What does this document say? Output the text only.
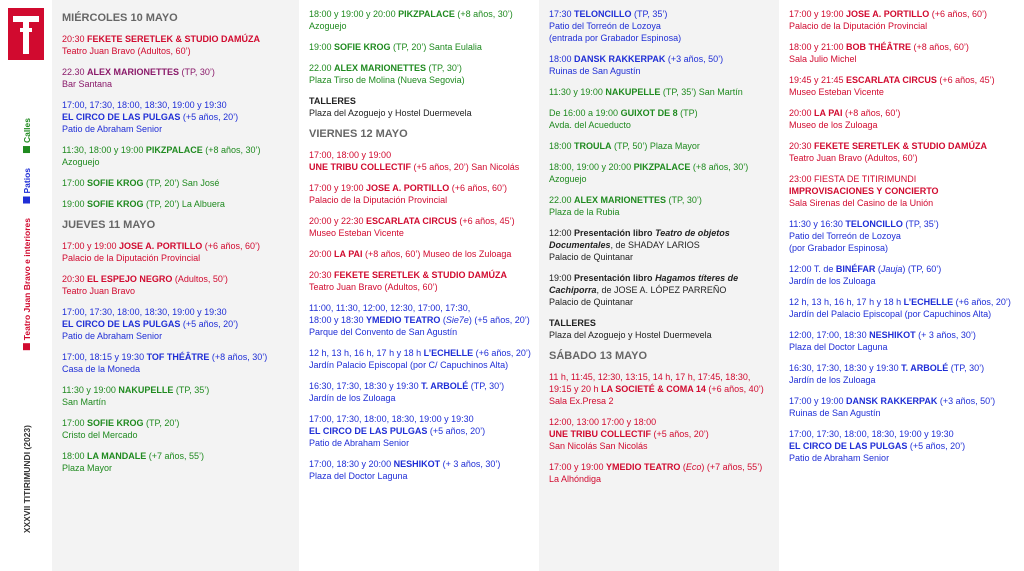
Calles
Patios
Teatro Juan Bravo e interiores
XXXVII TITIRIMUNDI (2023)
MIÉRCOLES 10 MAYO
20:30 FEKETE SERETLEK & STUDIO DAMÚZA
Teatro Juan Bravo (Adultos, 60’)
22.30 ALEX MARIONETTES (TP, 30’)
Bar Santana
17:00, 17:30, 18:00, 18:30, 19:00 y 19:30
EL CIRCO DE LAS PULGAS (+5 años, 20’)
Patio de Abraham Senior
11:30, 18:00 y 19:00 PIKZPALACE (+8 años, 30’)
Azoguejo
17:00 SOFIE KROG (TP, 20’) San José
19:00 SOFIE KROG (TP, 20’) La Albuera
JUEVES 11 MAYO
17:00 y 19:00 JOSE A. PORTILLO (+6 años, 60’)
Palacio de la Diputación Provincial
20:30 EL ESPEJO NEGRO (Adultos, 50’)
Teatro Juan Bravo
17:00, 17:30, 18:00, 18:30, 19:00 y 19:30
EL CIRCO DE LAS PULGAS (+5 años, 20’)
Patio de Abraham Senior
17:00, 18:15 y 19:30 TOF THÉÂTRE (+8 años, 30’)
Casa de la Moneda
11:30 y 19:00 NAKUPELLE (TP, 35’)
San Martín
17:00 SOFIE KROG (TP, 20’)
Cristo del Mercado
18:00 LA MANDALE (+7 años, 55’)
Plaza Mayor
18:00 y 19:00 y 20:00 PIKZPALACE (+8 años, 30’)
Azoguejo
19:00 SOFIE KROG (TP, 20’) Santa Eulalia
22.00 ALEX MARIONETTES (TP, 30’)
Plaza Tirso de Molina (Nueva Segovia)
TALLERES
Plaza del Azoguejo y Hostel Duermevela
VIERNES 12 MAYO
17:00, 18:00 y 19:00
UNE TRIBU COLLECTIF (+5 años, 20’) San Nicolás
17:00 y 19:00 JOSE A. PORTILLO (+6 años, 60’)
Palacio de la Diputación Provincial
20:00 y 22:30 ESCARLATA CIRCUS (+6 años, 45’)
Museo Esteban Vicente
20:00 LA PAI (+8 años, 60’) Museo de los Zuloaga
20:30 FEKETE SERETLEK & STUDIO DAMÚZA
Teatro Juan Bravo (Adultos, 60’)
11:00, 11:30, 12:00, 12:30, 17:00, 17:30,
18:00 y 18:30 YMEDIO TEATRO (Sie7e) (+5 años, 20’)
Parque del Convento de San Agustín
12 h, 13 h, 16 h, 17 h y 18 h L’ECHELLE (+6 años, 20’)
Jardín Palacio Episcopal (por C/ Capuchinos Alta)
16:30, 17:30, 18:30 y 19:30 T. ARBOLÉ (TP, 30’)
Jardín de los Zuloaga
17:00, 17:30, 18:00, 18:30, 19:00 y 19:30
EL CIRCO DE LAS PULGAS (+5 años, 20’)
Patio de Abraham Senior
17:00, 18:30 y 20:00 NESHIKOT (+ 3 años, 30’)
Plaza del Doctor Laguna
17:30 TELONCILLO (TP, 35’)
Patio del Torreón de Lozoya
(entrada por Grabador Espinosa)
18:00 DANSK RAKKERPAK (+3 años, 50’)
Ruinas de San Agustín
11:30 y 19:00 NAKUPELLE (TP, 35’) San Martín
De 16:00 a 19:00 GUIXOT DE 8 (TP)
Avda. del Acueducto
18:00 TROULA (TP, 50’) Plaza Mayor
18:00, 19:00 y 20:00 PIKZPALACE (+8 años, 30’)
Azoguejo
22.00 ALEX MARIONETTES (TP, 30’)
Plaza de la Rubia
12:00 Presentación libro Teatro de objetos
Documentales, de SHADAY LARIOS
Palacio de Quintanar
19:00 Presentación libro Hagamos títeres de
Cachiporra, de JOSE A. LÓPEZ PARREÑO
Palacio de Quintanar
TALLERES
Plaza del Azoguejo y Hostel Duermevela
SÁBADO 13 MAYO
11 h, 11:45, 12:30, 13:15, 14 h, 17 h, 17:45, 18:30,
19:15 y 20 h LA SOCIETÉ & COMA 14 (+6 años, 40’)
Sala Ex.Presa 2
12:00, 13:00 17:00 y 18:00
UNE TRIBU COLLECTIF (+5 años, 20’)
San Nicolás San Nicolás
17:00 y 19:00 YMEDIO TEATRO (Eco) (+7 años, 55’)
La Alhóndiga
17:00 y 19:00 JOSE A. PORTILLO (+6 años, 60’)
Palacio de la Diputación Provincial
18:00 y 21:00 BOB THÉÂTRE (+8 años, 60’)
Sala Julio Michel
19:45 y 21:45 ESCARLATA CIRCUS (+6 años, 45’)
Museo Esteban Vicente
20:00 LA PAI (+8 años, 60’)
Museo de los Zuloaga
20:30 FEKETE SERETLEK & STUDIO DAMÚZA
Teatro Juan Bravo (Adultos, 60’)
23:00 FIESTA DE TITIRIMUNDI
IMPROVISACIONES Y CONCIERTO
Sala Sirenas del Casino de la Unión
11:30 y 16:30 TELONCILLO (TP, 35’)
Patio del Torreón de Lozoya
(por Grabador Espinosa)
12:00 T. de BINÉFAR (Jauja) (TP, 60’)
Jardín de los Zuloaga
12 h, 13 h, 16 h, 17 h y 18 h L’ECHELLE (+6 años, 20’)
Jardín del Palacio Episcopal (por Capuchinos Alta)
12:00, 17:00, 18:30 NESHIKOT (+ 3 años, 30’)
Plaza del Doctor Laguna
16:30, 17:30, 18:30 y 19:30 T. ARBOLÉ (TP, 30’)
Jardín de los Zuloaga
17:00 y 19:00 DANSK RAKKERPAK (+3 años, 50’)
Ruinas de San Agustín
17:00, 17:30, 18:00, 18:30, 19:00 y 19:30
EL CIRCO DE LAS PULGAS (+5 años, 20’)
Patio de Abraham Senior
